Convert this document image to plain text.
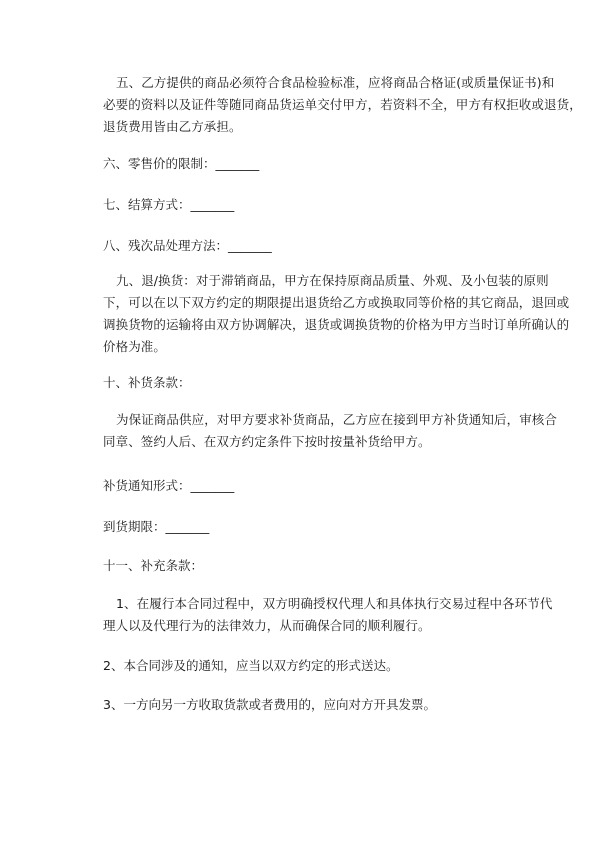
五、乙方提供的商品必须符合食品检验标准，应将商品合格证(或质量保证书)和
必要的资料以及证件等随同商品货运单交付甲方，若资料不全，甲方有权拒收或退货，
退货费用皆由乙方承担。

六、零售价的限制：_______

七、结算方式：_______

八、残次品处理方法：_______

九、退/换货：对于滞销商品，甲方在保持原商品质量、外观、及小包装的原则
下，可以在以下双方约定的期限提出退货给乙方或换取同等价格的其它商品，退回或
调换货物的运输将由双方协调解决，退货或调换货物的价格为甲方当时订单所确认的
价格为准。

十、补货条款：

为保证商品供应，对甲方要求补货商品，乙方应在接到甲方补货通知后，审核合
同章、签约人后、在双方约定条件下按时按量补货给甲方。

补货通知形式：_______

到货期限：_______

十一、补充条款：

1、在履行本合同过程中，双方明确授权代理人和具体执行交易过程中各环节代
理人以及代理行为的法律效力，从而确保合同的顺利履行。

2、本合同涉及的通知，应当以双方约定的形式送达。

3、一方向另一方收取货款或者费用的，应向对方开具发票。
